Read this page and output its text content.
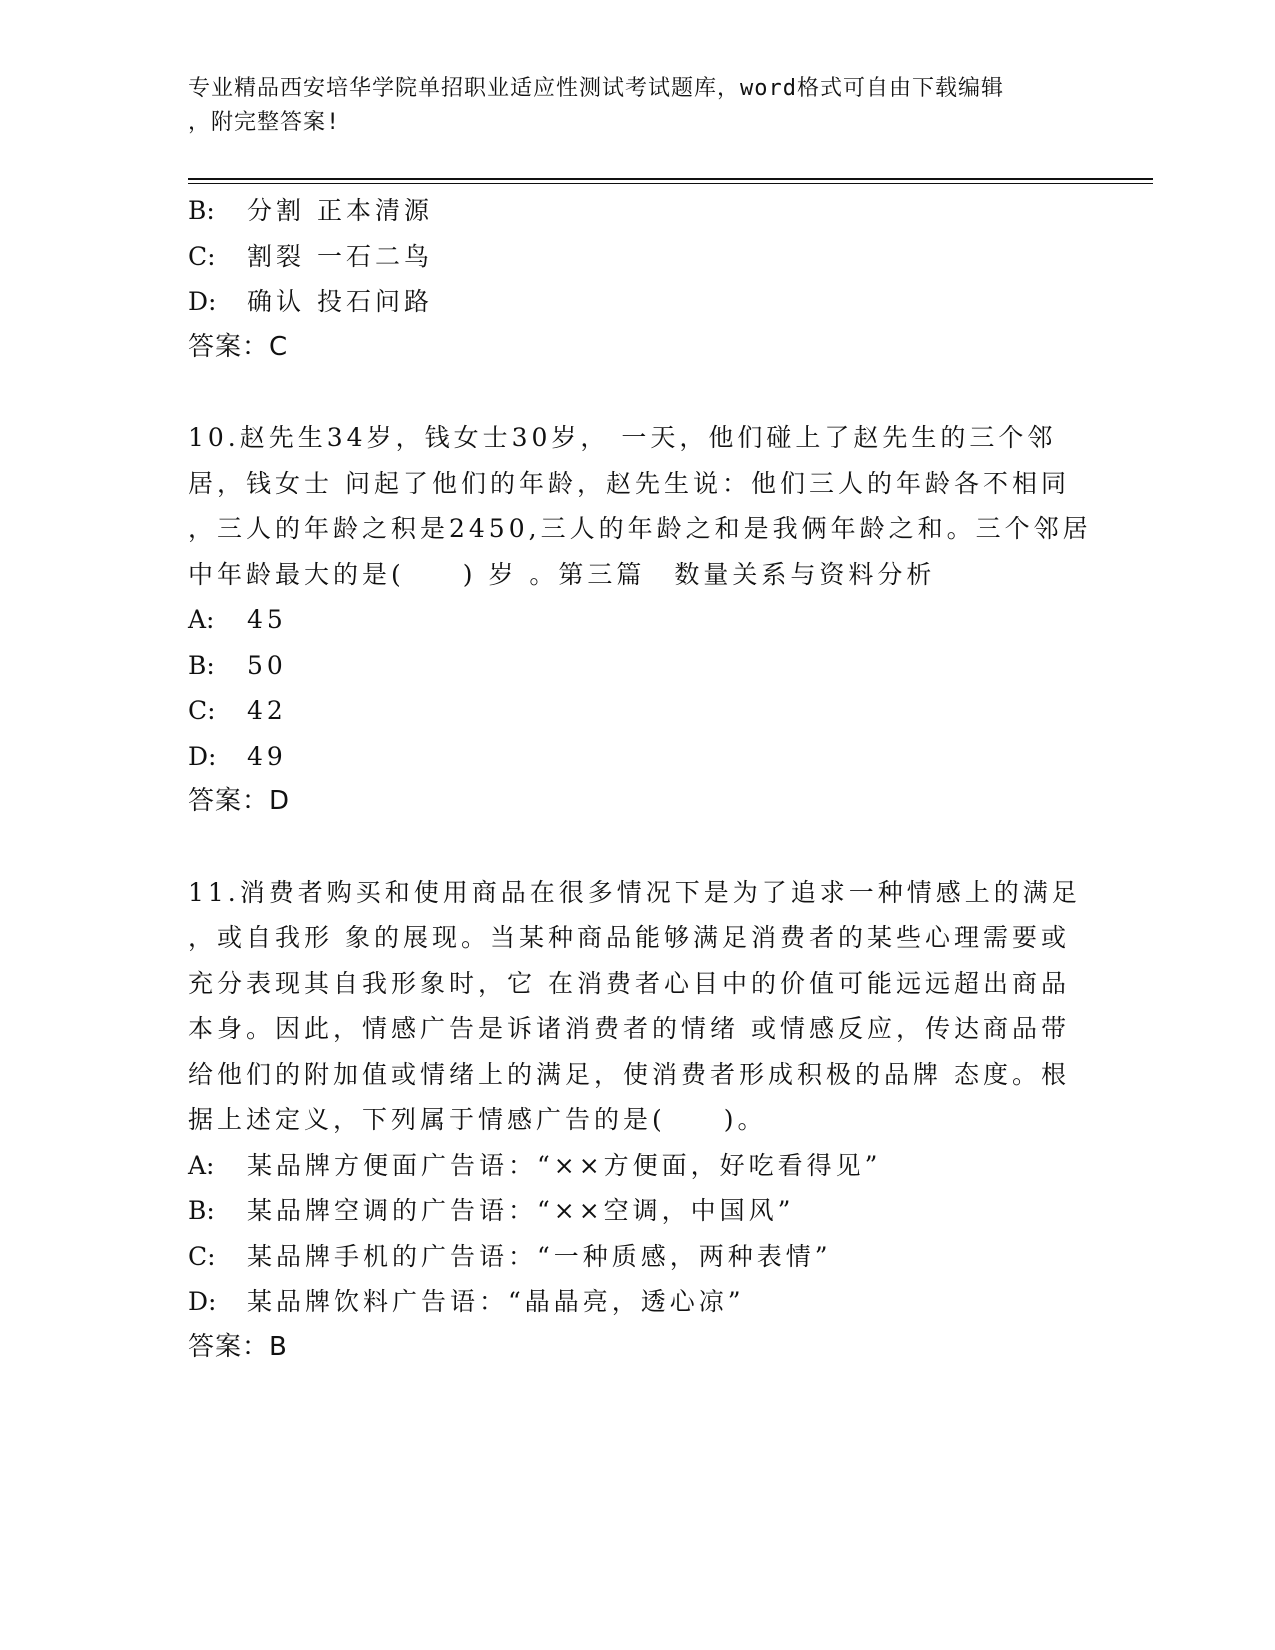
专业精品西安培华学院单招职业适应性测试考试题库，word格式可自由下载编辑
，附完整答案!
B: 分割 正本清源
C: 割裂 一石二鸟
D: 确认 投石问路
答案：C
10.赵先生34岁，钱女士30岁， 一天，他们碰上了赵先生的三个邻
居，钱女士 问起了他们的年龄，赵先生说：他们三人的年龄各不相同
，三人的年龄之积是2450,三人的年龄之和是我俩年龄之和。三个邻居
中年龄最大的是(　　) 岁 。第三篇　数量关系与资料分析
A: 45
B: 50
C: 42
D: 49
答案：D
11.消费者购买和使用商品在很多情况下是为了追求一种情感上的满足
，或自我形 象的展现。当某种商品能够满足消费者的某些心理需要或
充分表现其自我形象时，它 在消费者心目中的价值可能远远超出商品
本身。因此，情感广告是诉诸消费者的情绪 或情感反应，传达商品带
给他们的附加值或情绪上的满足，使消费者形成积极的品牌 态度。根
据上述定义，下列属于情感广告的是(　　)。
A: 某品牌方便面广告语：“××方便面，好吃看得见”
B: 某品牌空调的广告语：“××空调，中国风”
C: 某品牌手机的广告语：“一种质感，两种表情”
D: 某品牌饮料广告语：“晶晶亮，透心凉”
答案：B
